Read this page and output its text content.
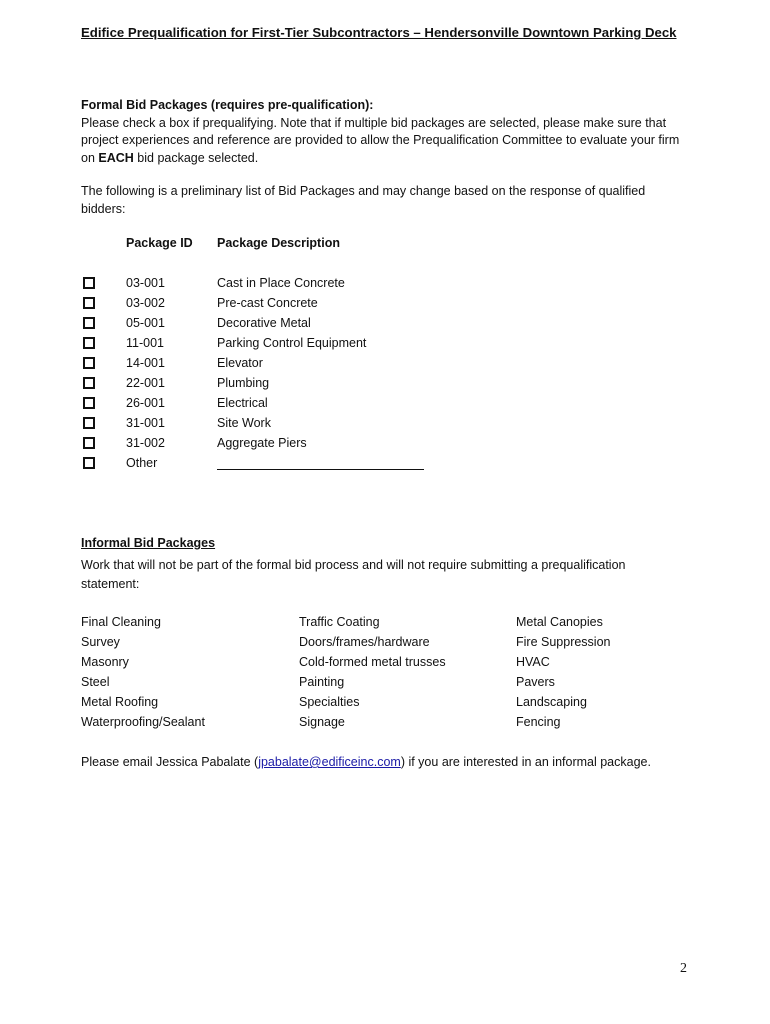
Edifice Prequalification for First-Tier Subcontractors – Hendersonville Downtown Parking Deck
Formal Bid Packages (requires pre-qualification):
Please check a box if prequalifying. Note that if multiple bid packages are selected, please make sure that project experiences and reference are provided to allow the Prequalification Committee to evaluate your firm on EACH bid package selected.
The following is a preliminary list of Bid Packages and may change based on the response of qualified bidders:
Package ID Package Description
03-001	Cast in Place Concrete
03-002	Pre-cast Concrete
05-001	Decorative Metal
11-001	Parking Control Equipment
14-001	Elevator
22-001	Plumbing
26-001	Electrical
31-001	Site Work
31-002	Aggregate Piers
Other
Informal Bid Packages
Work that will not be part of the formal bid process and will not require submitting a prequalification statement:
Final Cleaning
Survey
Masonry
Steel
Metal Roofing
Waterproofing/Sealant
Traffic Coating
Doors/frames/hardware
Cold-formed metal trusses
Painting
Specialties
Signage
Metal Canopies
Fire Suppression
HVAC
Pavers
Landscaping
Fencing
Please email Jessica Pabalate (jpabalate@edificeinc.com) if you are interested in an informal package.
2
